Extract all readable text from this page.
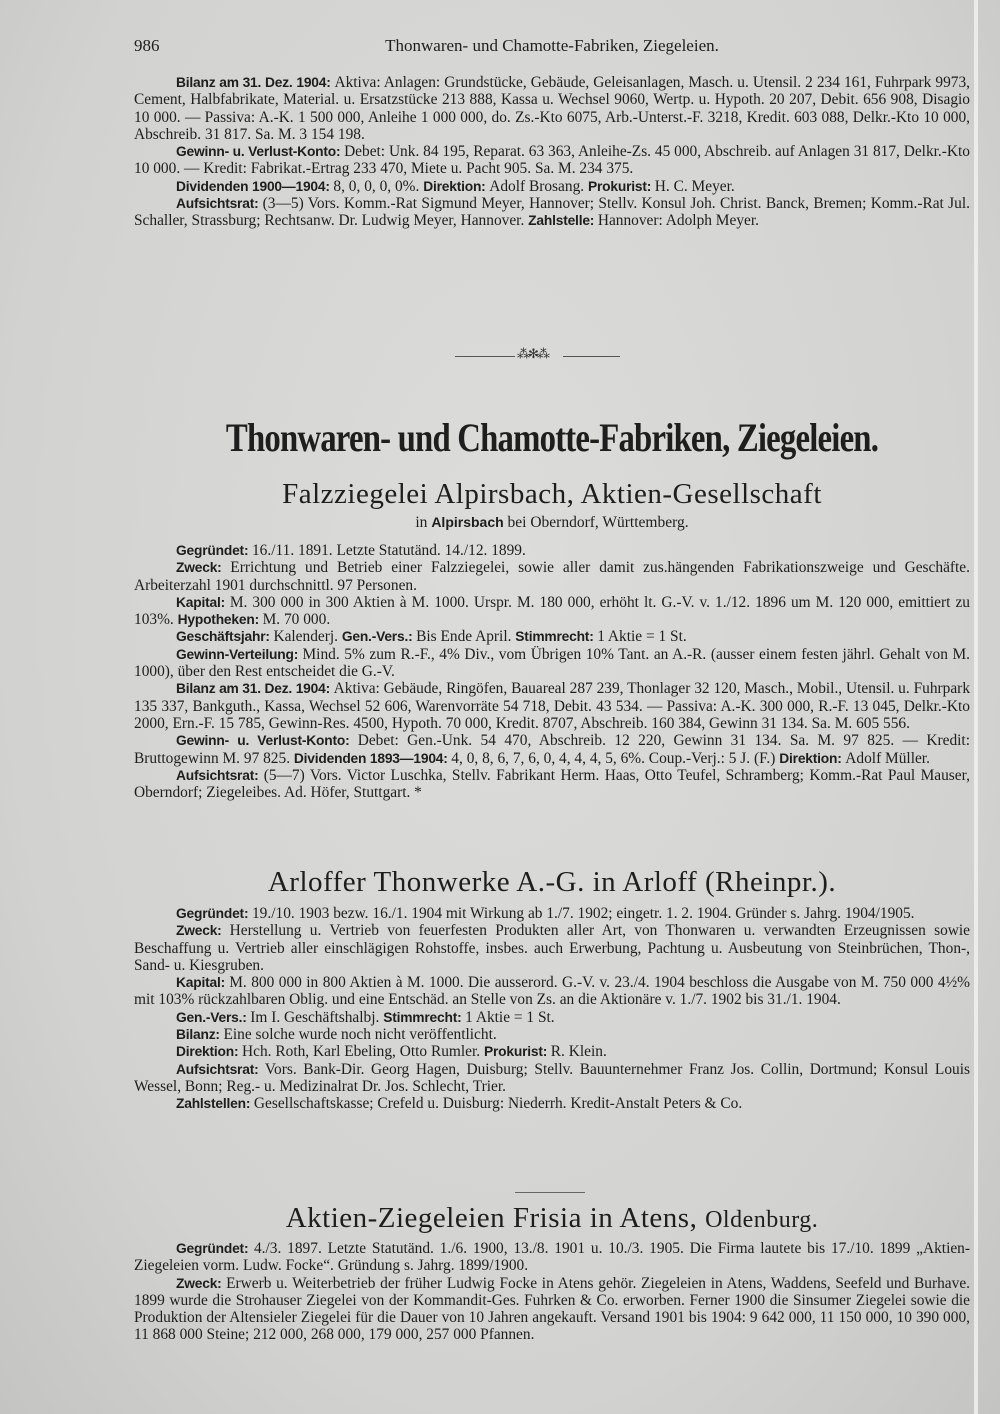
986	Thonwaren- und Chamotte-Fabriken, Ziegeleien.

Bilanz am 31. Dez. 1904: Aktiva: Anlagen: Grundstücke, Gebäude, Geleisanlagen, Masch. u. Utensil. 2 234 161, Fuhrpark 9973, Cement, Halbfabrikate, Material. u. Ersatzstücke 213 888, Kassa u. Wechsel 9060, Wertp. u. Hypoth. 20 207, Debit. 656 908, Disagio 10 000. — Passiva: A.-K. 1 500 000, Anleihe 1 000 000, do. Zs.-Kto 6075, Arb.-Unterst.-F. 3218, Kredit. 603 088, Delkr.-Kto 10 000, Abschreib. 31 817. Sa. M. 3 154 198.

Gewinn- u. Verlust-Konto: Debet: Unk. 84 195, Reparat. 63 363, Anleihe-Zs. 45 000, Abschreib. auf Anlagen 31 817, Delkr.-Kto 10 000. — Kredit: Fabrikat.-Ertrag 233 470, Miete u. Pacht 905. Sa. M. 234 375.

Dividenden 1900—1904: 8, 0, 0, 0, 0%. Direktion: Adolf Brosang. Prokurist: H. C. Meyer.

Aufsichtsrat: (3—5) Vors. Komm.-Rat Sigmund Meyer, Hannover; Stellv. Konsul Joh. Christ. Banck, Bremen; Komm.-Rat Jul. Schaller, Strassburg; Rechtsanw. Dr. Ludwig Meyer, Hannover. Zahlstelle: Hannover: Adolph Meyer.

⁂✻⁂
Thonwaren- und Chamotte-Fabriken, Ziegeleien.
Falzziegelei Alpirsbach, Aktien-Gesellschaft
in Alpirsbach bei Oberndorf, Württemberg.

Gegründet: 16./11. 1891. Letzte Statutänd. 14./12. 1899.

Zweck: Errichtung und Betrieb einer Falzziegelei, sowie aller damit zus.hängenden Fabrikationszweige und Geschäfte. Arbeiterzahl 1901 durchschnittl. 97 Personen.

Kapital: M. 300 000 in 300 Aktien à M. 1000. Urspr. M. 180 000, erhöht lt. G.-V. v. 1./12. 1896 um M. 120 000, emittiert zu 103%. Hypotheken: M. 70 000.

Geschäftsjahr: Kalenderj. Gen.-Vers.: Bis Ende April. Stimmrecht: 1 Aktie = 1 St.

Gewinn-Verteilung: Mind. 5% zum R.-F., 4% Div., vom Übrigen 10% Tant. an A.-R. (ausser einem festen jährl. Gehalt von M. 1000), über den Rest entscheidet die G.-V.

Bilanz am 31. Dez. 1904: Aktiva: Gebäude, Ringöfen, Bauareal 287 239, Thonlager 32 120, Masch., Mobil., Utensil. u. Fuhrpark 135 337, Bankguth., Kassa, Wechsel 52 606, Warenvorräte 54 718, Debit. 43 534. — Passiva: A.-K. 300 000, R.-F. 13 045, Delkr.-Kto 2000, Ern.-F. 15 785, Gewinn-Res. 4500, Hypoth. 70 000, Kredit. 8707, Abschreib. 160 384, Gewinn 31 134. Sa. M. 605 556.

Gewinn- u. Verlust-Konto: Debet: Gen.-Unk. 54 470, Abschreib. 12 220, Gewinn 31 134. Sa. M. 97 825. — Kredit: Bruttogewinn M. 97 825. Dividenden 1893—1904: 4, 0, 8, 6, 7, 6, 0, 4, 4, 4, 5, 6%. Coup.-Verj.: 5 J. (F.) Direktion: Adolf Müller.

Aufsichtsrat: (5—7) Vors. Victor Luschka, Stellv. Fabrikant Herm. Haas, Otto Teufel, Schramberg; Komm.-Rat Paul Mauser, Oberndorf; Ziegeleibes. Ad. Höfer, Stuttgart. *

Arloffer Thonwerke A.-G. in Arloff (Rheinpr.).

Gegründet: 19./10. 1903 bezw. 16./1. 1904 mit Wirkung ab 1./7. 1902; eingetr. 1. 2. 1904. Gründer s. Jahrg. 1904/1905.

Zweck: Herstellung u. Vertrieb von feuerfesten Produkten aller Art, von Thonwaren u. verwandten Erzeugnissen sowie Beschaffung u. Vertrieb aller einschlägigen Rohstoffe, insbes. auch Erwerbung, Pachtung u. Ausbeutung von Steinbrüchen, Thon-, Sand- u. Kiesgruben.

Kapital: M. 800 000 in 800 Aktien à M. 1000. Die ausserord. G.-V. v. 23./4. 1904 beschloss die Ausgabe von M. 750 000 4½% mit 103% rückzahlbaren Oblig. und eine Entschäd. an Stelle von Zs. an die Aktionäre v. 1./7. 1902 bis 31./1. 1904.

Gen.-Vers.: Im I. Geschäftshalbj. Stimmrecht: 1 Aktie = 1 St.

Bilanz: Eine solche wurde noch nicht veröffentlicht.

Direktion: Hch. Roth, Karl Ebeling, Otto Rumler. Prokurist: R. Klein.

Aufsichtsrat: Vors. Bank-Dir. Georg Hagen, Duisburg; Stellv. Bauunternehmer Franz Jos. Collin, Dortmund; Konsul Louis Wessel, Bonn; Reg.- u. Medizinalrat Dr. Jos. Schlecht, Trier.

Zahlstellen: Gesellschaftskasse; Crefeld u. Duisburg: Niederrh. Kredit-Anstalt Peters & Co.

Aktien-Ziegeleien Frisia in Atens, Oldenburg.

Gegründet: 4./3. 1897. Letzte Statutänd. 1./6. 1900, 13./8. 1901 u. 10./3. 1905. Die Firma lautete bis 17./10. 1899 „Aktien-Ziegeleien vorm. Ludw. Focke“. Gründung s. Jahrg. 1899/1900.

Zweck: Erwerb u. Weiterbetrieb der früher Ludwig Focke in Atens gehör. Ziegeleien in Atens, Waddens, Seefeld und Burhave. 1899 wurde die Strohauser Ziegelei von der Kommandit-Ges. Fuhrken & Co. erworben. Ferner 1900 die Sinsumer Ziegelei sowie die Produktion der Altensieler Ziegelei für die Dauer von 10 Jahren angekauft. Versand 1901 bis 1904: 9 642 000, 11 150 000, 10 390 000, 11 868 000 Steine; 212 000, 268 000, 179 000, 257 000 Pfannen.
